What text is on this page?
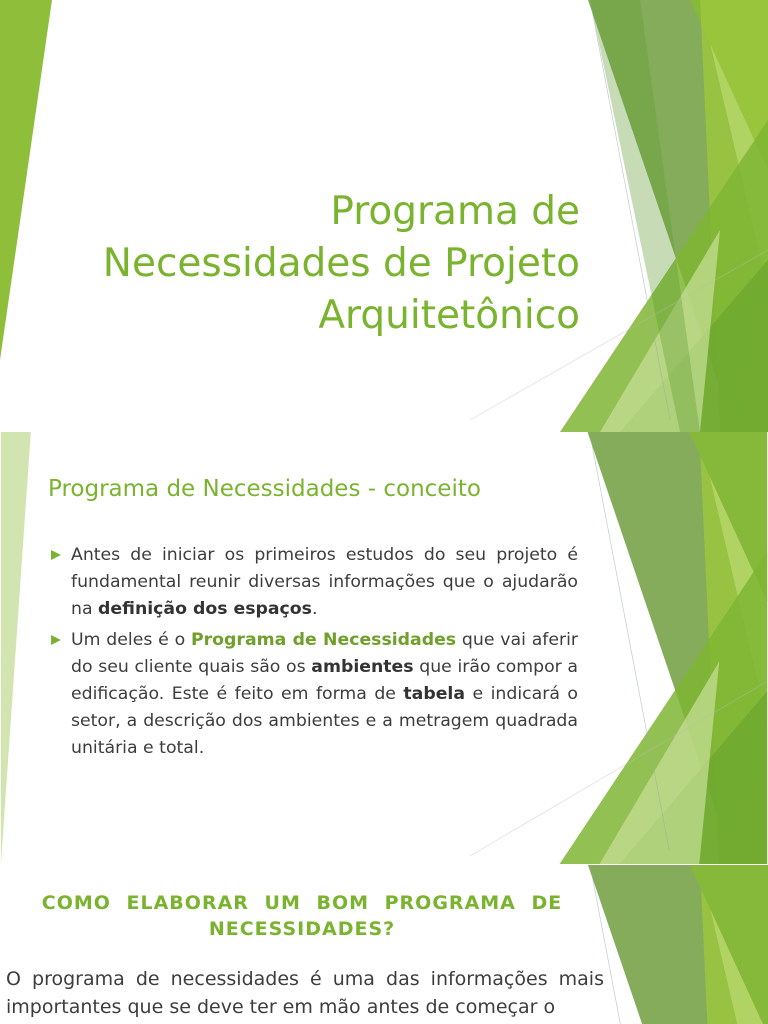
Programa de
Necessidades de Projeto
Arquitetônico
Programa de Necessidades - conceito
Antes de iniciar os primeiros estudos do seu projeto é fundamental reunir diversas informações que o ajudarão na definição dos espaços.
Um deles é o Programa de Necessidades que vai aferir do seu cliente quais são os ambientes que irão compor a edificação. Este é feito em forma de tabela e indicará o setor, a descrição dos ambientes e a metragem quadrada unitária e total.
COMO ELABORAR UM BOM PROGRAMA DE NECESSIDADES?
O programa de necessidades é uma das informações mais importantes que se deve ter em mão antes de começar o
